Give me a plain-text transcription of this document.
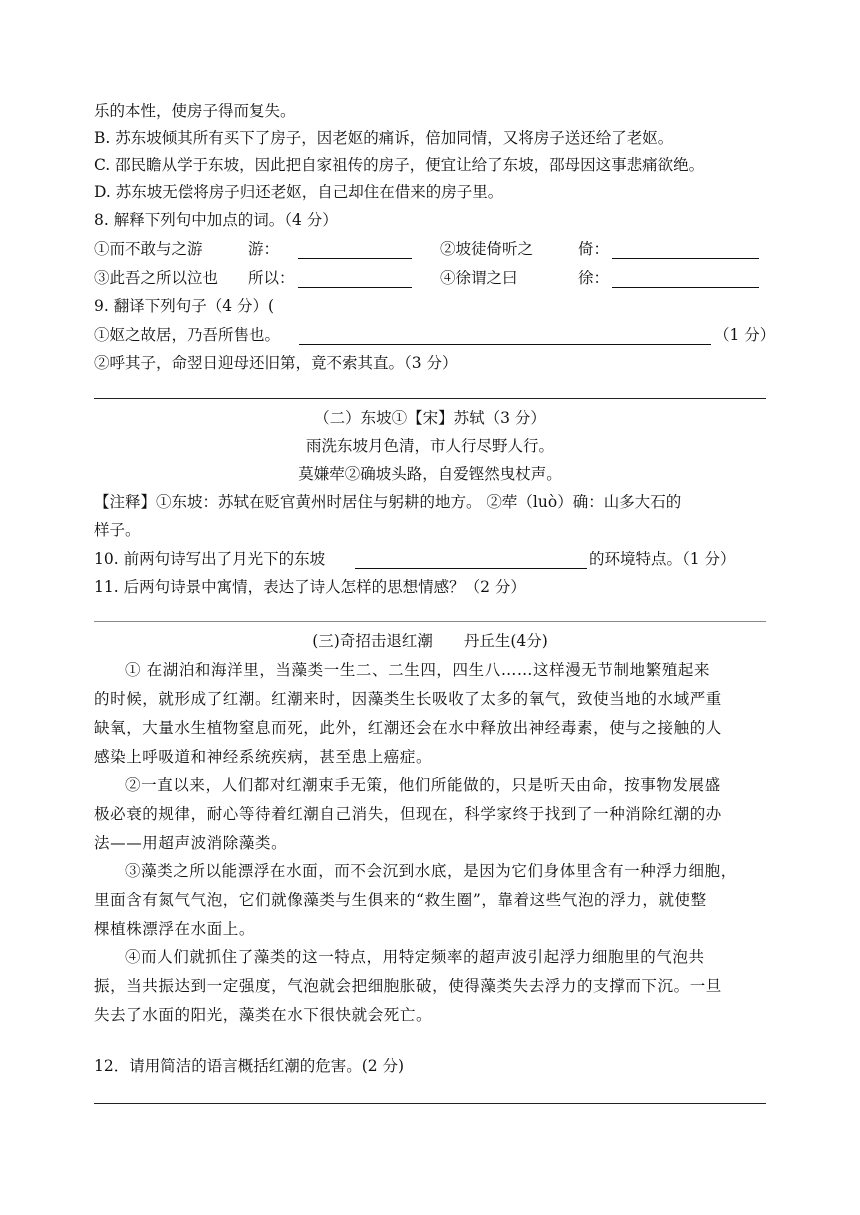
乐的本性，使房子得而复失。
B. 苏东坡倾其所有买下了房子，因老妪的痛诉，倍加同情，又将房子送还给了老妪。
C. 邵民瞻从学于东坡，因此把自家祖传的房子，便宜让给了东坡，邵母因这事悲痛欲绝。
D. 苏东坡无偿将房子归还老妪，自己却住在借来的房子里。
8. 解释下列句中加点的词。（4 分）
①而不敢与之游	游：	②坡徒倚听之	倚：
③此吾之所以泣也 所以：	④徐谓之曰	徐：
9. 翻译下列句子（4 分）(
①妪之故居，乃吾所售也。	（1 分）
②呼其子，命翌日迎母还旧第，竟不索其直。（3 分）
（二）东坡①【宋】苏轼（3 分）
雨洗东坡月色清，市人行尽野人行。
莫嫌荦②确坡头路，自爱铿然曳杖声。
【注释】①东坡：苏轼在贬官黄州时居住与躬耕的地方。 ②荦（luò）确：山多大石的
样子。
10. 前两句诗写出了月光下的东坡	的环境特点。（1 分）
11. 后两句诗景中寓情，表达了诗人怎样的思想情感？（2 分）
(三)奇招击退红潮　　丹丘生(4分)
① 在湖泊和海洋里，当藻类一生二、二生四，四生八……这样漫无节制地繁殖起来
的时候，就形成了红潮。红潮来时，因藻类生长吸收了太多的氧气，致使当地的水域严重
缺氧，大量水生植物窒息而死，此外，红潮还会在水中释放出神经毒素，使与之接触的人
感染上呼吸道和神经系统疾病，甚至患上癌症。
②一直以来，人们都对红潮束手无策，他们所能做的，只是听天由命，按事物发展盛
极必衰的规律，耐心等待着红潮自己消失，但现在，科学家终于找到了一种消除红潮的办
法——用超声波消除藻类。
③藻类之所以能漂浮在水面，而不会沉到水底，是因为它们身体里含有一种浮力细胞，
里面含有氮气气泡，它们就像藻类与生俱来的“救生圈”，靠着这些气泡的浮力，就使整
棵植株漂浮在水面上。
④而人们就抓住了藻类的这一特点，用特定频率的超声波引起浮力细胞里的气泡共
振，当共振达到一定强度，气泡就会把细胞胀破，使得藻类失去浮力的支撑而下沉。一旦
失去了水面的阳光，藻类在水下很快就会死亡。
12．请用简洁的语言概括红潮的危害。(2 分)
